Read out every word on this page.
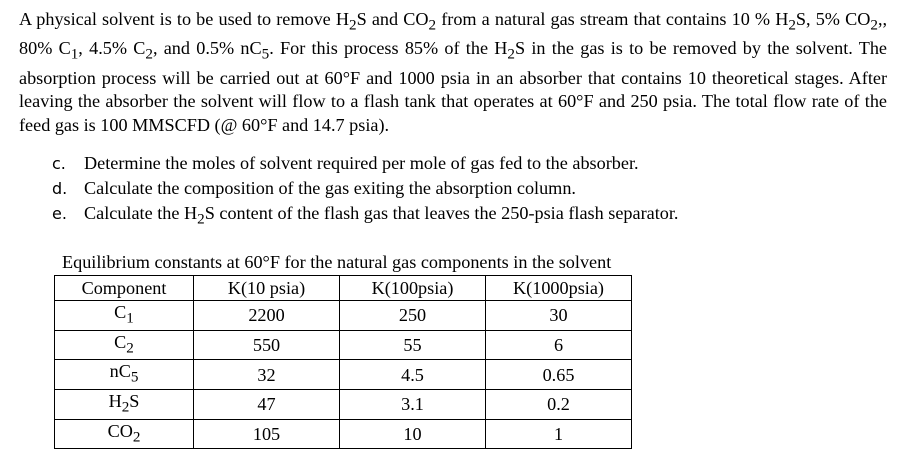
A physical solvent is to be used to remove $H_2S$ and $CO_2$ from a natural gas stream that contains 10 % $H_2S$, 5% $CO_2$,, 80% $C_1$, 4.5% $C_2$, and 0.5% $nC_5$. For this process 85% of the $H_2S$ in the gas is to be removed by the solvent. The absorption process will be carried out at 60°F and 1000 psia in an absorber that contains 10 theoretical stages. After leaving the absorber the solvent will flow to a flash tank that operates at 60°F and 250 psia. The total flow rate of the feed gas is 100 MMSCFD (@ 60°F and 14.7 psia).

c. Determine the moles of solvent required per mole of gas fed to the absorber.
d. Calculate the composition of the gas exiting the absorption column.
e. Calculate the $H_2S$ content of the flash gas that leaves the 250-psia flash separator.
Equilibrium constants at 60°F for the natural gas components in the solvent
Component	K(10 psia)	K(100psia)	K(1000psia)
$C_1$	2200	250	30
$C_2$	550	55	6
$nC_5$	32	4.5	0.65
$H_2S$	47	3.1	0.2
$CO_2$	105	10	1
